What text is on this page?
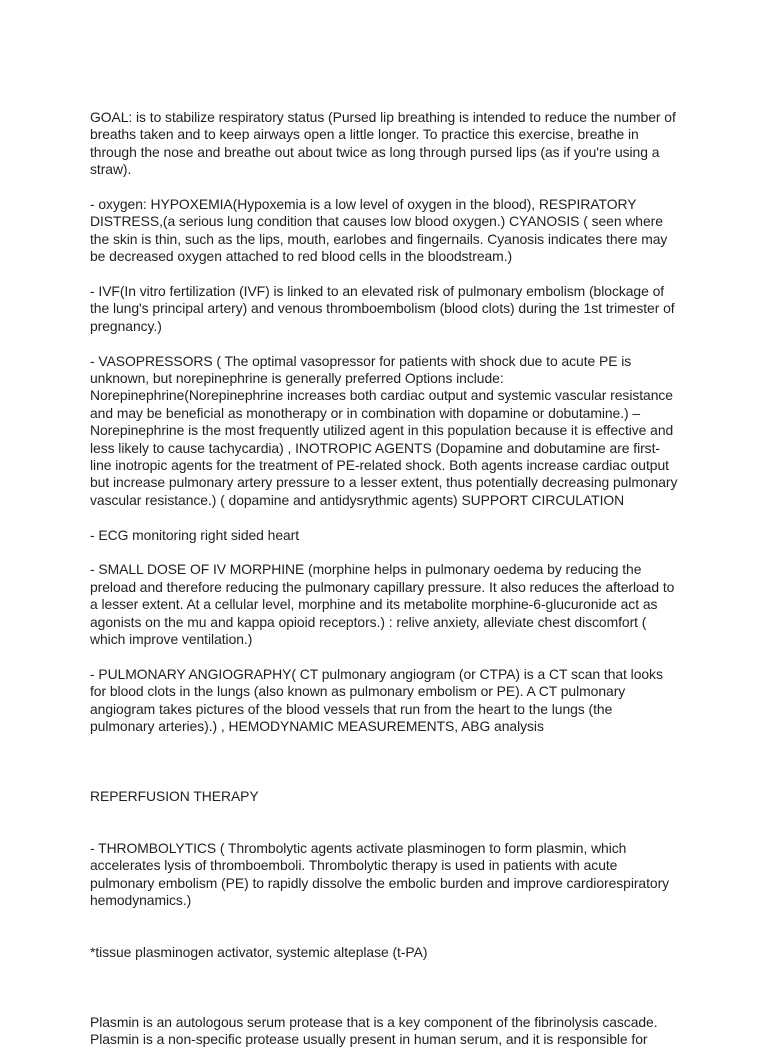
GOAL: is to stabilize respiratory status (Pursed lip breathing is intended to reduce the number of breaths taken and to keep airways open a little longer. To practice this exercise, breathe in through the nose and breathe out about twice as long through pursed lips (as if you're using a straw).

- oxygen: HYPOXEMIA(Hypoxemia is a low level of oxygen in the blood), RESPIRATORY DISTRESS,(a serious lung condition that causes low blood oxygen.) CYANOSIS ( seen where the skin is thin, such as the lips, mouth, earlobes and fingernails. Cyanosis indicates there may be decreased oxygen attached to red blood cells in the bloodstream.)

- IVF(In vitro fertilization (IVF) is linked to an elevated risk of pulmonary embolism (blockage of the lung's principal artery) and venous thromboembolism (blood clots) during the 1st trimester of pregnancy.)

- VASOPRESSORS ( The optimal vasopressor for patients with shock due to acute PE is unknown, but norepinephrine is generally preferred Options include: Norepinephrine(Norepinephrine increases both cardiac output and systemic vascular resistance and may be beneficial as monotherapy or in combination with dopamine or dobutamine.) – Norepinephrine is the most frequently utilized agent in this population because it is effective and less likely to cause tachycardia) , INOTROPIC AGENTS (Dopamine and dobutamine are first-line inotropic agents for the treatment of PE-related shock. Both agents increase cardiac output but increase pulmonary artery pressure to a lesser extent, thus potentially decreasing pulmonary vascular resistance.) ( dopamine and antidysrythmic agents) SUPPORT CIRCULATION

- ECG monitoring right sided heart

- SMALL DOSE OF IV MORPHINE (morphine helps in pulmonary oedema by reducing the preload and therefore reducing the pulmonary capillary pressure. It also reduces the afterload to a lesser extent. At a cellular level, morphine and its metabolite morphine-6-glucuronide act as agonists on the mu and kappa opioid receptors.) : relive anxiety, alleviate chest discomfort ( which improve ventilation.)

- PULMONARY ANGIOGRAPHY( CT pulmonary angiogram (or CTPA) is a CT scan that looks for blood clots in the lungs (also known as pulmonary embolism or PE). A CT pulmonary angiogram takes pictures of the blood vessels that run from the heart to the lungs (the pulmonary arteries).) , HEMODYNAMIC MEASUREMENTS, ABG analysis

REPERFUSION THERAPY

- THROMBOLYTICS ( Thrombolytic agents activate plasminogen to form plasmin, which accelerates lysis of thromboemboli. Thrombolytic therapy is used in patients with acute pulmonary embolism (PE) to rapidly dissolve the embolic burden and improve cardiorespiratory hemodynamics.)

*tissue plasminogen activator, systemic alteplase (t-PA)

Plasmin is an autologous serum protease that is a key component of the fibrinolysis cascade. Plasmin is a non-specific protease usually present in human serum, and it is responsible for
